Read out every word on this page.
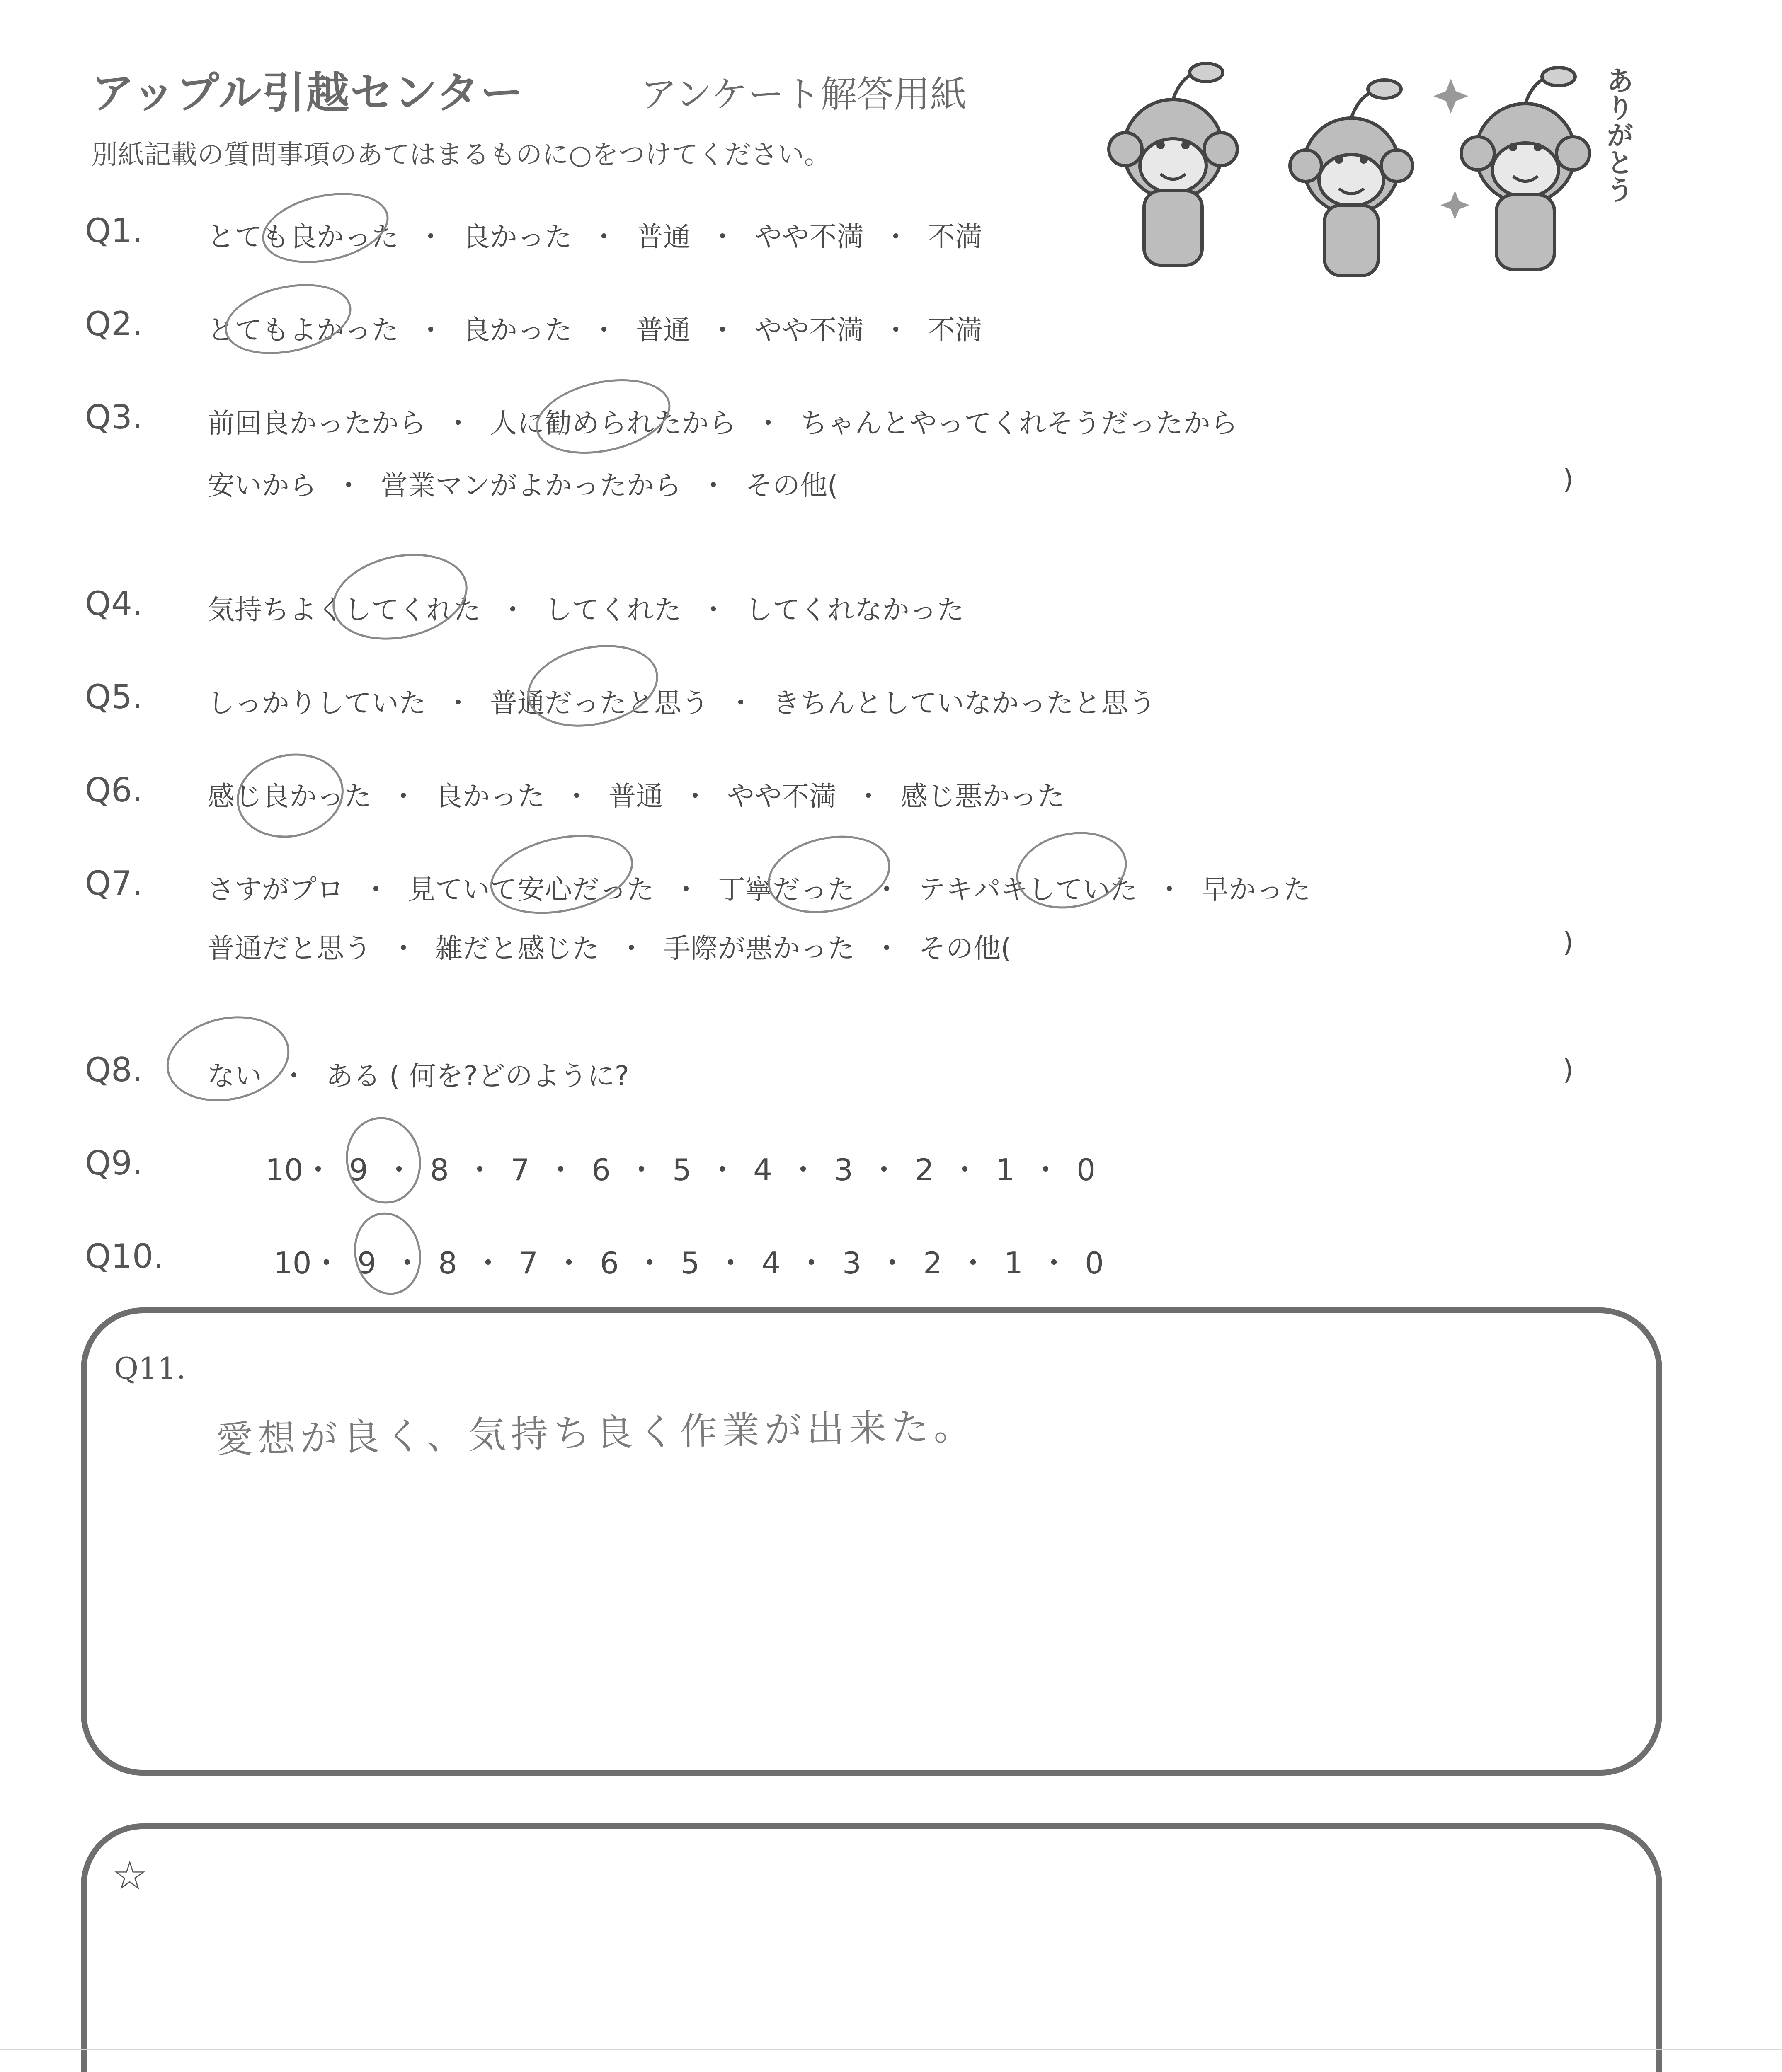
アップル引越センター	アンケート解答用紙
別紙記載の質問事項のあてはまるものに○をつけてください。	ありがとう
Q1. とても良かった ・ 良かった ・ 普通 ・ やや不満 ・ 不満
Q2. とてもよかった ・ 良かった ・ 普通 ・ やや不満 ・ 不満
Q3. 前回良かったから ・ 人に勧められたから ・ ちゃんとやってくれそうだったから
安いから ・ 営業マンがよかったから ・ その他(	)
Q4. 気持ちよくしてくれた ・ してくれた ・ してくれなかった
Q5. しっかりしていた ・ 普通だったと思う ・ きちんとしていなかったと思う
Q6. 感じ良かった ・ 良かった ・ 普通 ・ やや不満 ・ 感じ悪かった
Q7. さすがプロ ・ 見ていて安心だった ・ 丁寧だった ・ テキパキしていた ・ 早かった
普通だと思う ・ 雑だと感じた ・ 手際が悪かった ・ その他(	)
Q8. ない ・ ある ( 何を?どのように?	)
Q9.	10・ 9 ・ 8 ・ 7 ・ 6 ・ 5 ・ 4 ・ 3 ・ 2 ・ 1 ・ 0
Q10.	10・ 9 ・ 8 ・ 7 ・ 6 ・ 5 ・ 4 ・ 3 ・ 2 ・ 1 ・ 0
Q11.
愛想が良く、気持ち良く作業が出来た。
☆
